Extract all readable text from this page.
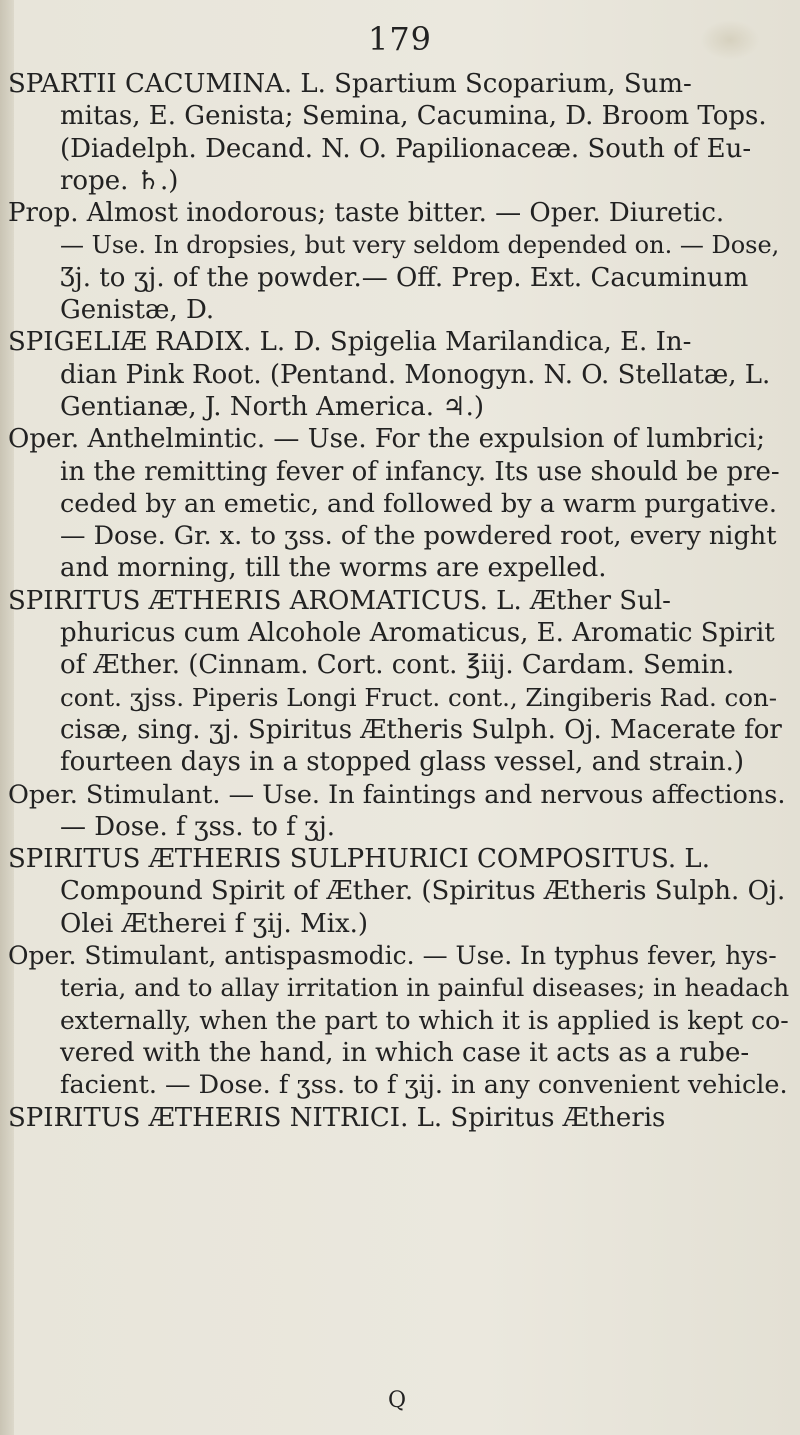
179
SPARTII CACUMINA. L. Spartium Scoparium, Sum-
mitas, E. Genista; Semina, Cacumina, D. Broom Tops.
(Diadelph. Decand. N. O. Papilionaceæ. South of Eu-
rope. ♄.)
Prop. Almost inodorous; taste bitter. — Oper. Diuretic.
— Use. In dropsies, but very seldom depended on. — Dose,
Ʒj. to ʒj. of the powder.— Off. Prep. Ext. Cacuminum
Genistæ, D.
SPIGELIÆ RADIX. L. D. Spigelia Marilandica, E. In-
dian Pink Root. (Pentand. Monogyn. N. O. Stellatæ, L.
Gentianæ, J. North America. ♃.)
Oper. Anthelmintic. — Use. For the expulsion of lumbrici;
in the remitting fever of infancy. Its use should be pre-
ceded by an emetic, and followed by a warm purgative.
— Dose. Gr. x. to ʒss. of the powdered root, every night
and morning, till the worms are expelled.
SPIRITUS ÆTHERIS AROMATICUS. L. Æther Sul-
phuricus cum Alcohole Aromaticus, E. Aromatic Spirit
of Æther. (Cinnam. Cort. cont. ℥iij. Cardam. Semin.
cont. ʒjss. Piperis Longi Fruct. cont., Zingiberis Rad. con-
cisæ, sing. ʒj. Spiritus Ætheris Sulph. Oj. Macerate for
fourteen days in a stopped glass vessel, and strain.)
Oper. Stimulant. — Use. In faintings and nervous affections.
— Dose. f ʒss. to f ʒj.
SPIRITUS ÆTHERIS SULPHURICI COMPOSITUS. L.
Compound Spirit of Æther. (Spiritus Ætheris Sulph. Oj.
Olei Ætherei f ʒij. Mix.)
Oper. Stimulant, antispasmodic. — Use. In typhus fever, hys-
teria, and to allay irritation in painful diseases; in headach
externally, when the part to which it is applied is kept co-
vered with the hand, in which case it acts as a rube-
facient. — Dose. f ʒss. to f ʒij. in any convenient vehicle.
SPIRITUS ÆTHERIS NITRICI. L. Spiritus Ætheris
Q
